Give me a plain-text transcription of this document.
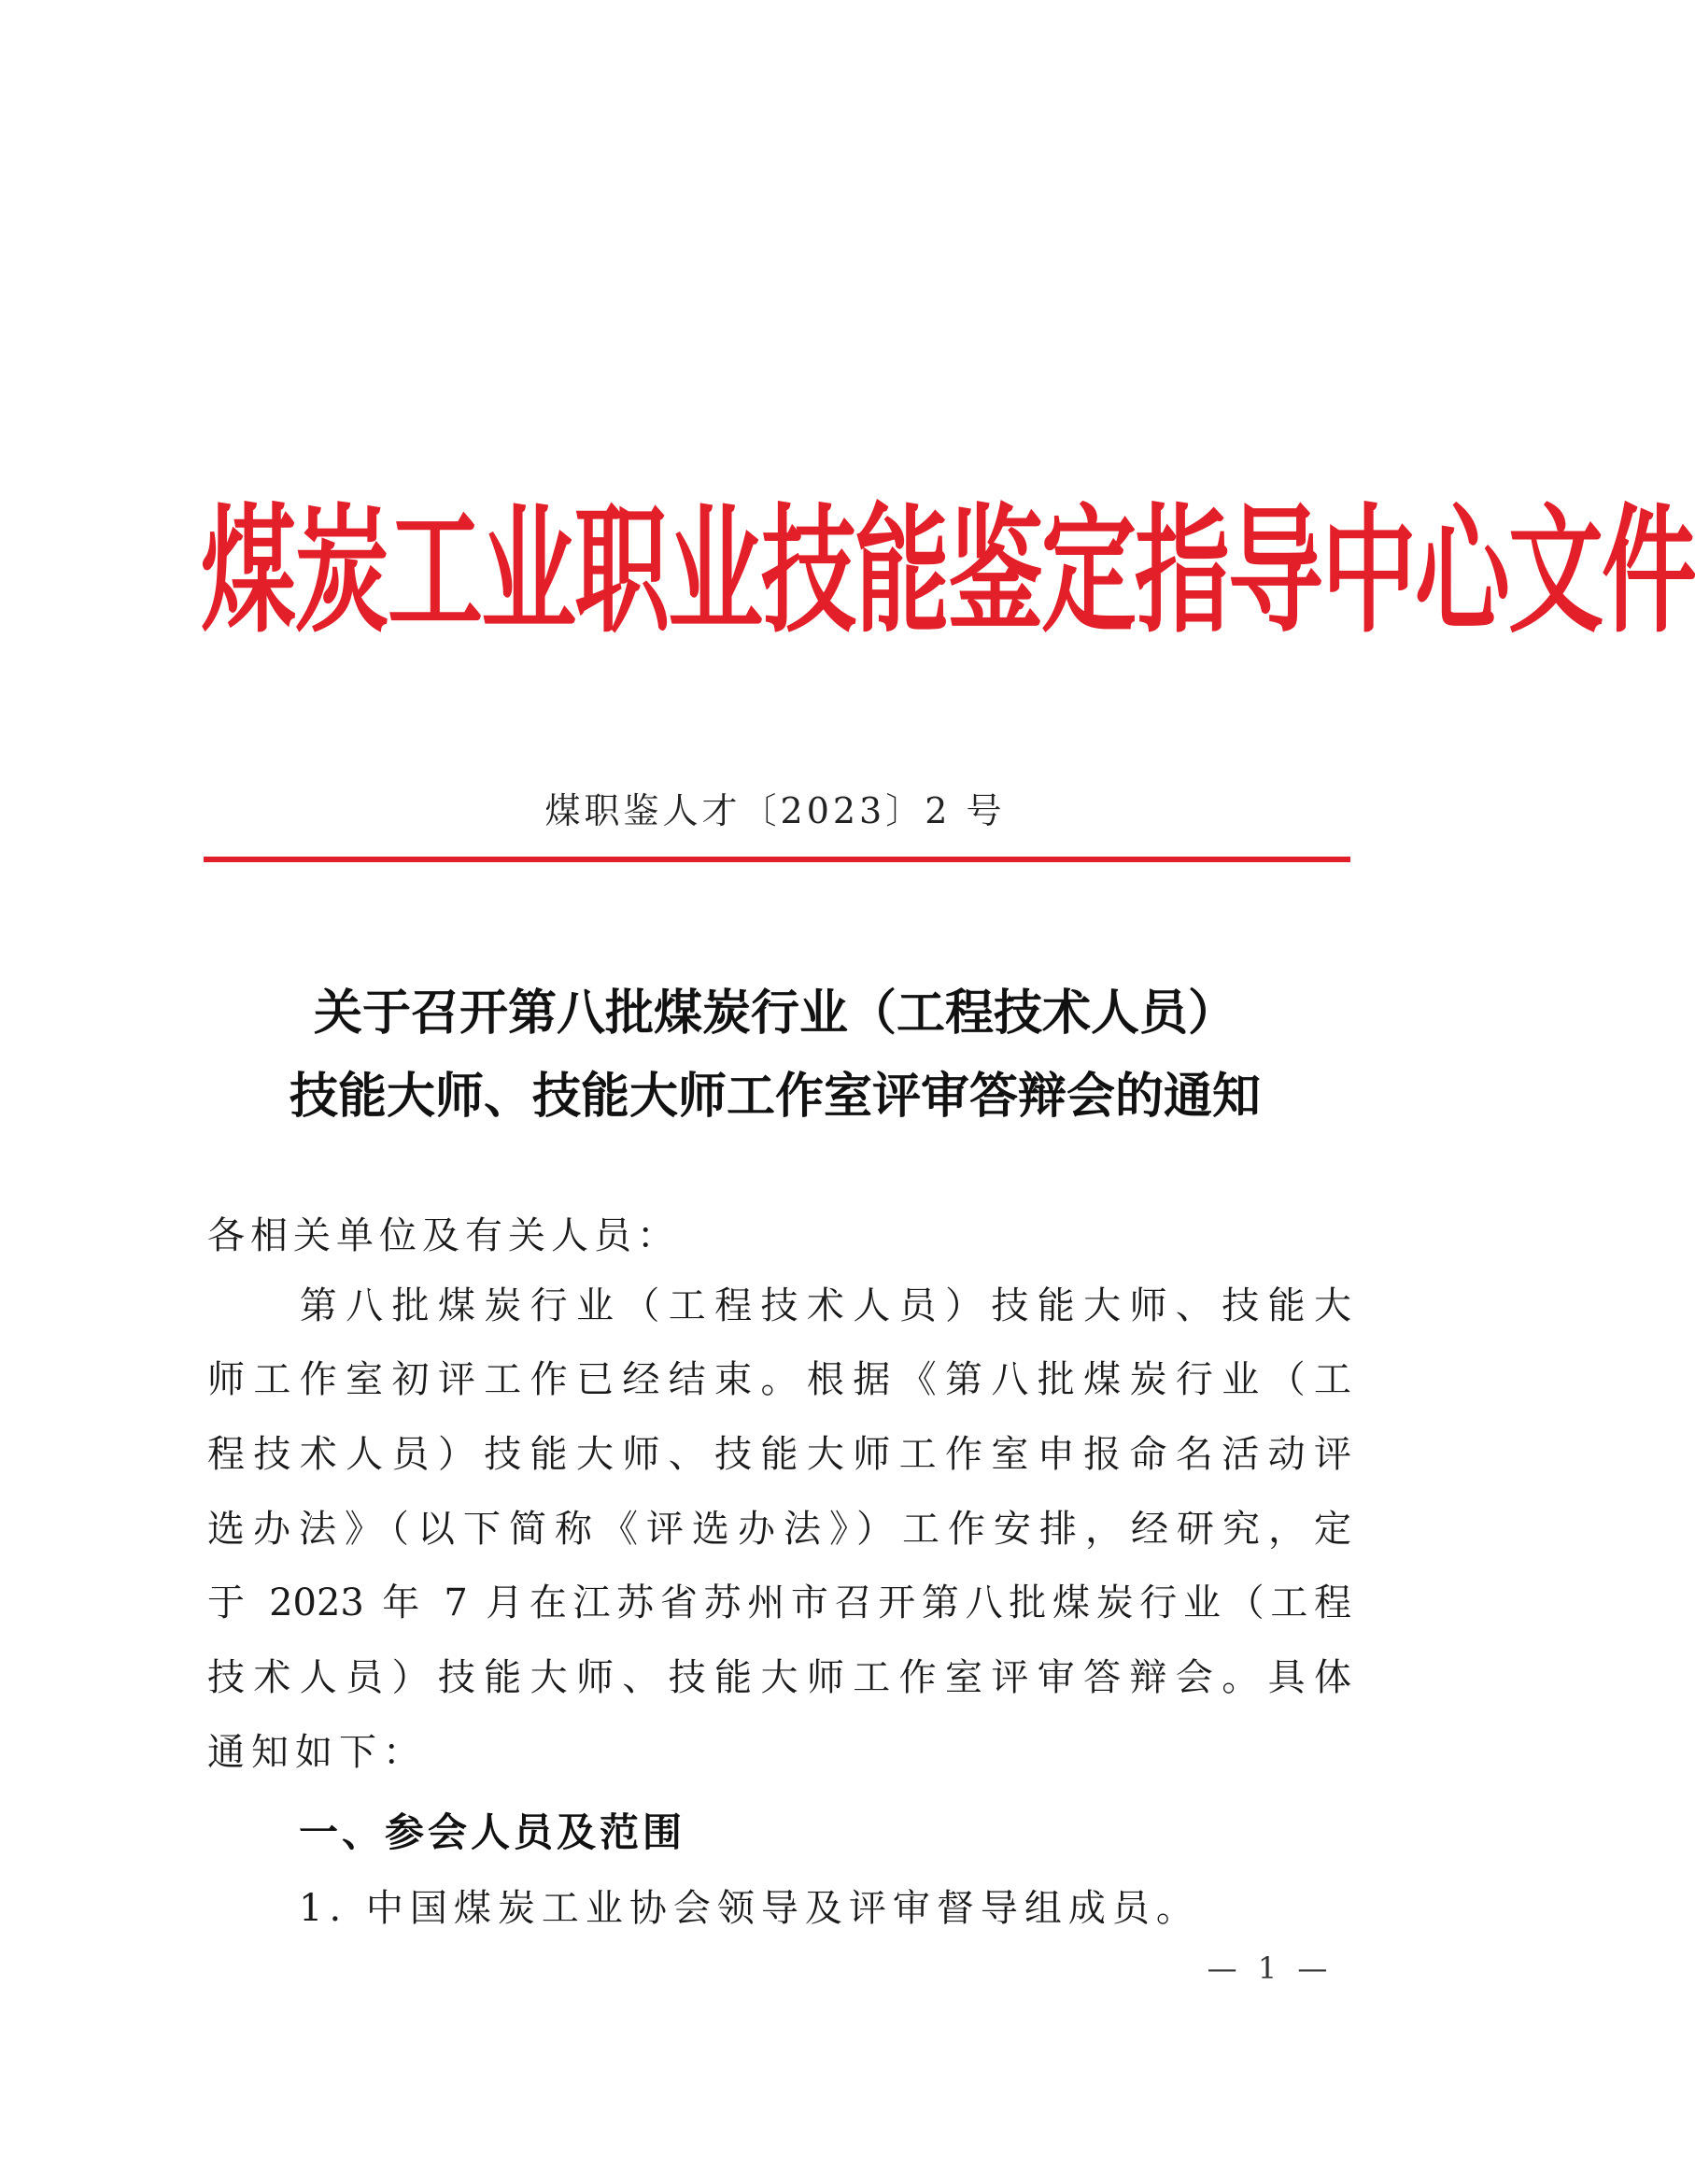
煤炭工业职业技能鉴定指导中心文件
煤职鉴人才〔2023〕2 号
关于召开第八批煤炭行业（工程技术人员）
技能大师、技能大师工作室评审答辩会的通知
各相关单位及有关人员：
　　第八批煤炭行业（工程技术人员）技能大师、技能大
师工作室初评工作已经结束。根据《第八批煤炭行业（工
程技术人员）技能大师、技能大师工作室申报命名活动评
选办法》（以下简称《评选办法》）工作安排，经研究，定
于 2023 年 7 月在江苏省苏州市召开第八批煤炭行业（工程
技术人员）技能大师、技能大师工作室评审答辩会。具体
通知如下：
一、参会人员及范围
1. 中国煤炭工业协会领导及评审督导组成员。
— 1 —
